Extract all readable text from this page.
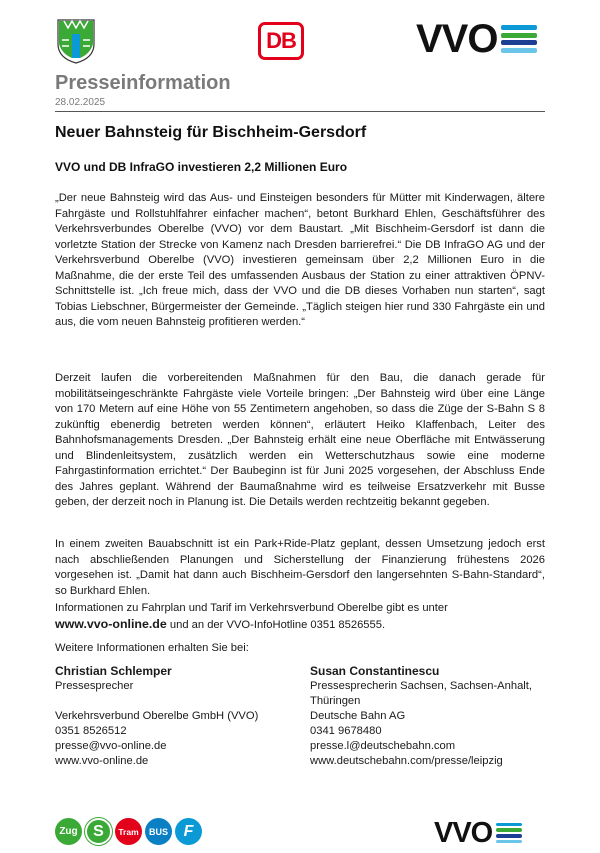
DB	VVO
Presseinformation
28.02.2025
Neuer Bahnsteig für Bischheim-Gersdorf
VVO und DB InfraGO investieren 2,2 Millionen Euro

„Der neue Bahnsteig wird das Aus- und Einsteigen besonders für Mütter mit Kinderwagen, ältere Fahrgäste und Rollstuhlfahrer einfacher machen“, betont Burkhard Ehlen, Geschäftsführer des Verkehrsverbundes Oberelbe (VVO) vor dem Baustart. „Mit Bischheim-Gersdorf ist dann die vorletzte Station der Strecke von Kamenz nach Dresden barrierefrei.“ Die DB InfraGO AG und der Verkehrsverbund Oberelbe (VVO) investieren gemeinsam über 2,2 Millionen Euro in die Maßnahme, die der erste Teil des umfassenden Ausbaus der Station zu einer attraktiven ÖPNV-Schnittstelle ist. „Ich freue mich, dass der VVO und die DB dieses Vorhaben nun starten“, sagt Tobias Liebschner, Bürgermeister der Gemeinde. „Täglich steigen hier rund 330 Fahrgäste ein und aus, die vom neuen Bahnsteig profitieren werden.“

Derzeit laufen die vorbereitenden Maßnahmen für den Bau, die danach gerade für mobilitätseingeschränkte Fahrgäste viele Vorteile bringen: „Der Bahnsteig wird über eine Länge von 170 Metern auf eine Höhe von 55 Zentimetern angehoben, so dass die Züge der S-Bahn S 8 zukünftig ebenerdig betreten werden können“, erläutert Heiko Klaffenbach, Leiter des Bahnhofsmanagements Dresden. „Der Bahnsteig erhält eine neue Oberfläche mit Entwässerung und Blindenleitsystem, zusätzlich werden ein Wetterschutzhaus sowie eine moderne Fahrgastinformation errichtet.“ Der Baubeginn ist für Juni 2025 vorgesehen, der Abschluss Ende des Jahres geplant. Während der Baumaßnahme wird es teilweise Ersatzverkehr mit Busse geben, der derzeit noch in Planung ist. Die Details werden rechtzeitig bekannt gegeben.

In einem zweiten Bauabschnitt ist ein Park+Ride-Platz geplant, dessen Umsetzung jedoch erst nach abschließenden Planungen und Sicherstellung der Finanzierung frühestens 2026 vorgesehen ist. „Damit hat dann auch Bischheim-Gersdorf den langersehnten S-Bahn-Standard“, so Burkhard Ehlen.

Informationen zu Fahrplan und Tarif im Verkehrsverbund Oberelbe gibt es unter
www.vvo-online.de und an der VVO-InfoHotline 0351 8526555.
Weitere Informationen erhalten Sie bei:
Christian Schlemper
Pressesprecher
Verkehrsverbund Oberelbe GmbH (VVO)
0351 8526512
presse@vvo-online.de
www.vvo-online.de
Susan Constantinescu
Pressesprecherin Sachsen, Sachsen-Anhalt, Thüringen
Deutsche Bahn AG
0341 9678480
presse.l@deutschebahn.com
www.deutschebahn.com/presse/leipzig
Zug S	Tram	BUS F	VVO
